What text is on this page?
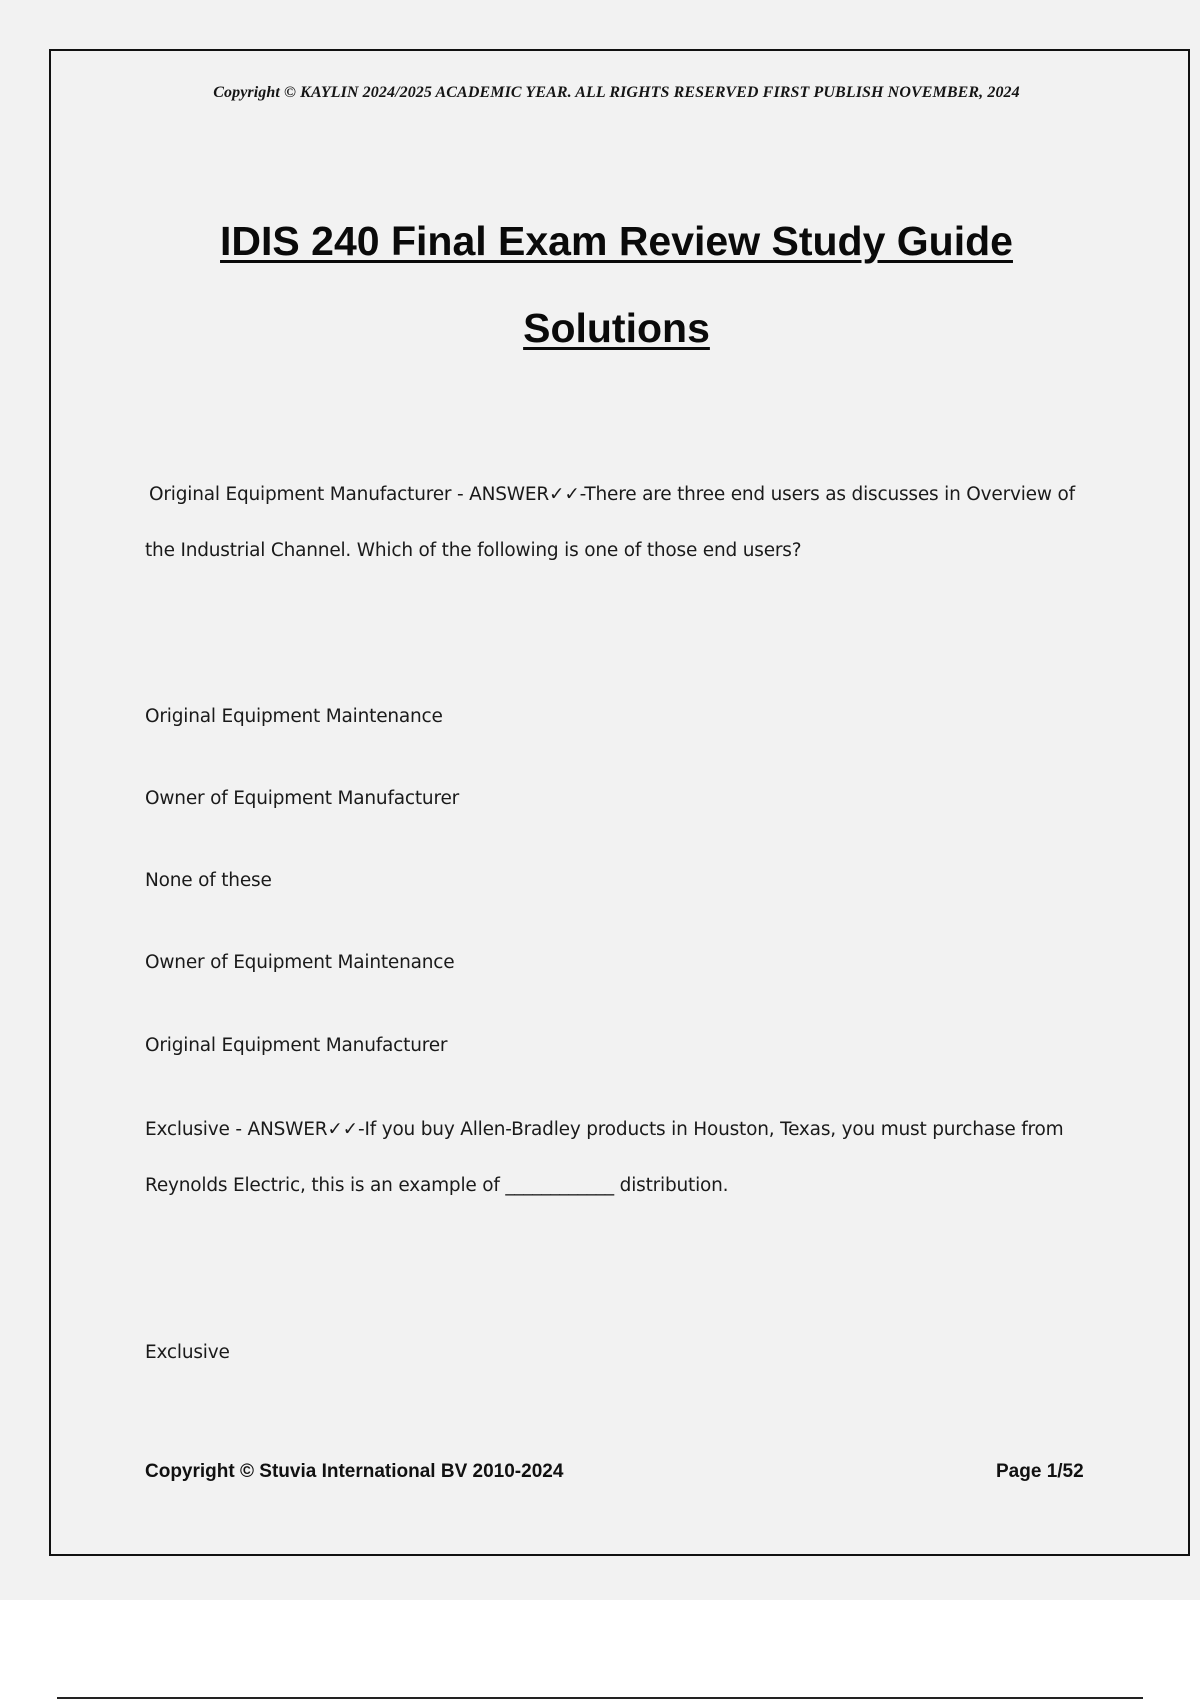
Copyright © KAYLIN 2024/2025 ACADEMIC YEAR. ALL RIGHTS RESERVED FIRST PUBLISH NOVEMBER, 2024
IDIS 240 Final Exam Review Study Guide
Solutions
Original Equipment Manufacturer - ANSWER✓✓-There are three end users as discusses in Overview of
the Industrial Channel. Which of the following is one of those end users?
Original Equipment Maintenance
Owner of Equipment Manufacturer
None of these
Owner of Equipment Maintenance
Original Equipment Manufacturer
Exclusive - ANSWER✓✓-If you buy Allen-Bradley products in Houston, Texas, you must purchase from
Reynolds Electric, this is an example of ____________ distribution.
Exclusive
Copyright © Stuvia International BV 2010-2024	Page 1/52
